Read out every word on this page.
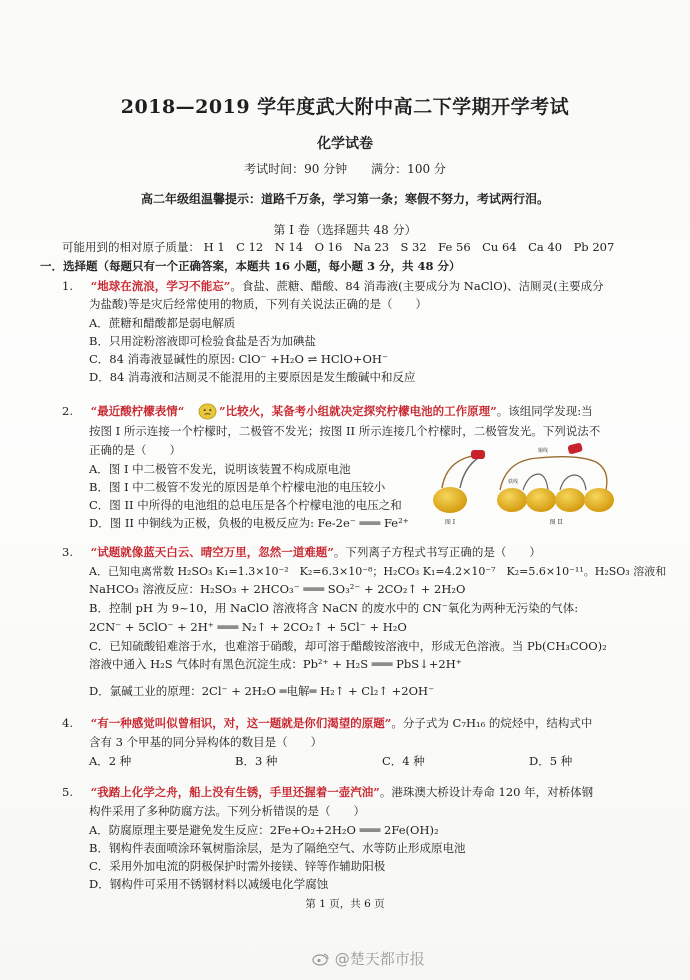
2018—2019 学年度武大附中高二下学期开学考试
化学试卷
考试时间：90 分钟　　满分：100 分
高二年级组温馨提示：道路千万条，学习第一条；寒假不努力，考试两行泪。
第 I 卷（选择题共 48 分）
可能用到的相对原子质量： H 1　C 12　N 14　O 16　Na 23　S 32　Fe 56　Cu 64　Ca 40　Pb 207
一．选择题（每题只有一个正确答案，本题共 16 小题，每小题 3 分，共 48 分）
1. “地球在流浪，学习不能忘”。食盐、蔗糖、醋酸、84 消毒液(主要成分为 NaClO)、洁厕灵(主要成分
为盐酸)等是灾后经常使用的物质，下列有关说法正确的是（　　）
A．蔗糖和醋酸都是弱电解质
B．只用淀粉溶液即可检验食盐是否为加碘盐
C．84 消毒液显碱性的原因: ClO⁻ +H₂O ⇌ HClO+OH⁻
D．84 消毒液和洁厕灵不能混用的主要原因是发生酸碱中和反应
2. “最近酸柠檬表情“	”比较火，某备考小组就决定探究柠檬电池的工作原理”。该组同学发现:当
按图 I 所示连接一个柠檬时，二极管不发光；按图 II 所示连接几个柠檬时，二极管发光。下列说法不
正确的是（　　）
A．图 I 中二极管不发光，说明该装置不构成原电池
B．图 I 中二极管不发光的原因是单个柠檬电池的电压较小
C．图 II 中所得的电池组的总电压是各个柠檬电池的电压之和
D．图 II 中铜线为正极，负极的电极反应为: Fe-2e⁻ ═══ Fe²⁺	图 I
铁线
铜线
图 II
3. “试题就像蓝天白云、晴空万里，忽然一道难题”。下列离子方程式书写正确的是（　　）
A．已知电离常数 H₂SO₃ K₁=1.3×10⁻²　K₂=6.3×10⁻⁸；H₂CO₃ K₁=4.2×10⁻⁷　K₂=5.6×10⁻¹¹。H₂SO₃ 溶液和
NaHCO₃ 溶液反应：H₂SO₃ + 2HCO₃⁻ ═══ SO₃²⁻ + 2CO₂↑ + 2H₂O
B．控制 pH 为 9~10，用 NaClO 溶液将含 NaCN 的废水中的 CN⁻氧化为两种无污染的气体:
2CN⁻ + 5ClO⁻ + 2H⁺ ═══ N₂↑ + 2CO₂↑ + 5Cl⁻ + H₂O
C．已知硫酸铅难溶于水，也难溶于硝酸，却可溶于醋酸铵溶液中，形成无色溶液。当 Pb(CH₃COO)₂
溶液中通入 H₂S 气体时有黑色沉淀生成：Pb²⁺ + H₂S ═══ PbS↓+2H⁺
D．氯碱工业的原理：2Cl⁻ + 2H₂O ═电解═ H₂↑ + Cl₂↑ +2OH⁻
4. “有一种感觉叫似曾相识，对，这一题就是你们渴望的原题”。分子式为 C₇H₁₆ 的烷烃中，结构式中
含有 3 个甲基的同分异构体的数目是（　　）
A．2 种	B．3 种	C．4 种	D．5 种
5. “我踏上化学之舟，船上没有生锈，手里还握着一壶汽油”。港珠澳大桥设计寿命 120 年，对桥体钢
构件采用了多种防腐方法。下列分析错误的是（　　）
A．防腐原理主要是避免发生反应：2Fe+O₂+2H₂O ═══ 2Fe(OH)₂
B．钢构件表面喷涂环氧树脂涂层，是为了隔绝空气、水等防止形成原电池
C．采用外加电流的阴极保护时需外接镁、锌等作辅助阳极
D．钢构件可采用不锈钢材料以减缓电化学腐蚀
第 1 页，共 6 页
@楚天都市报
